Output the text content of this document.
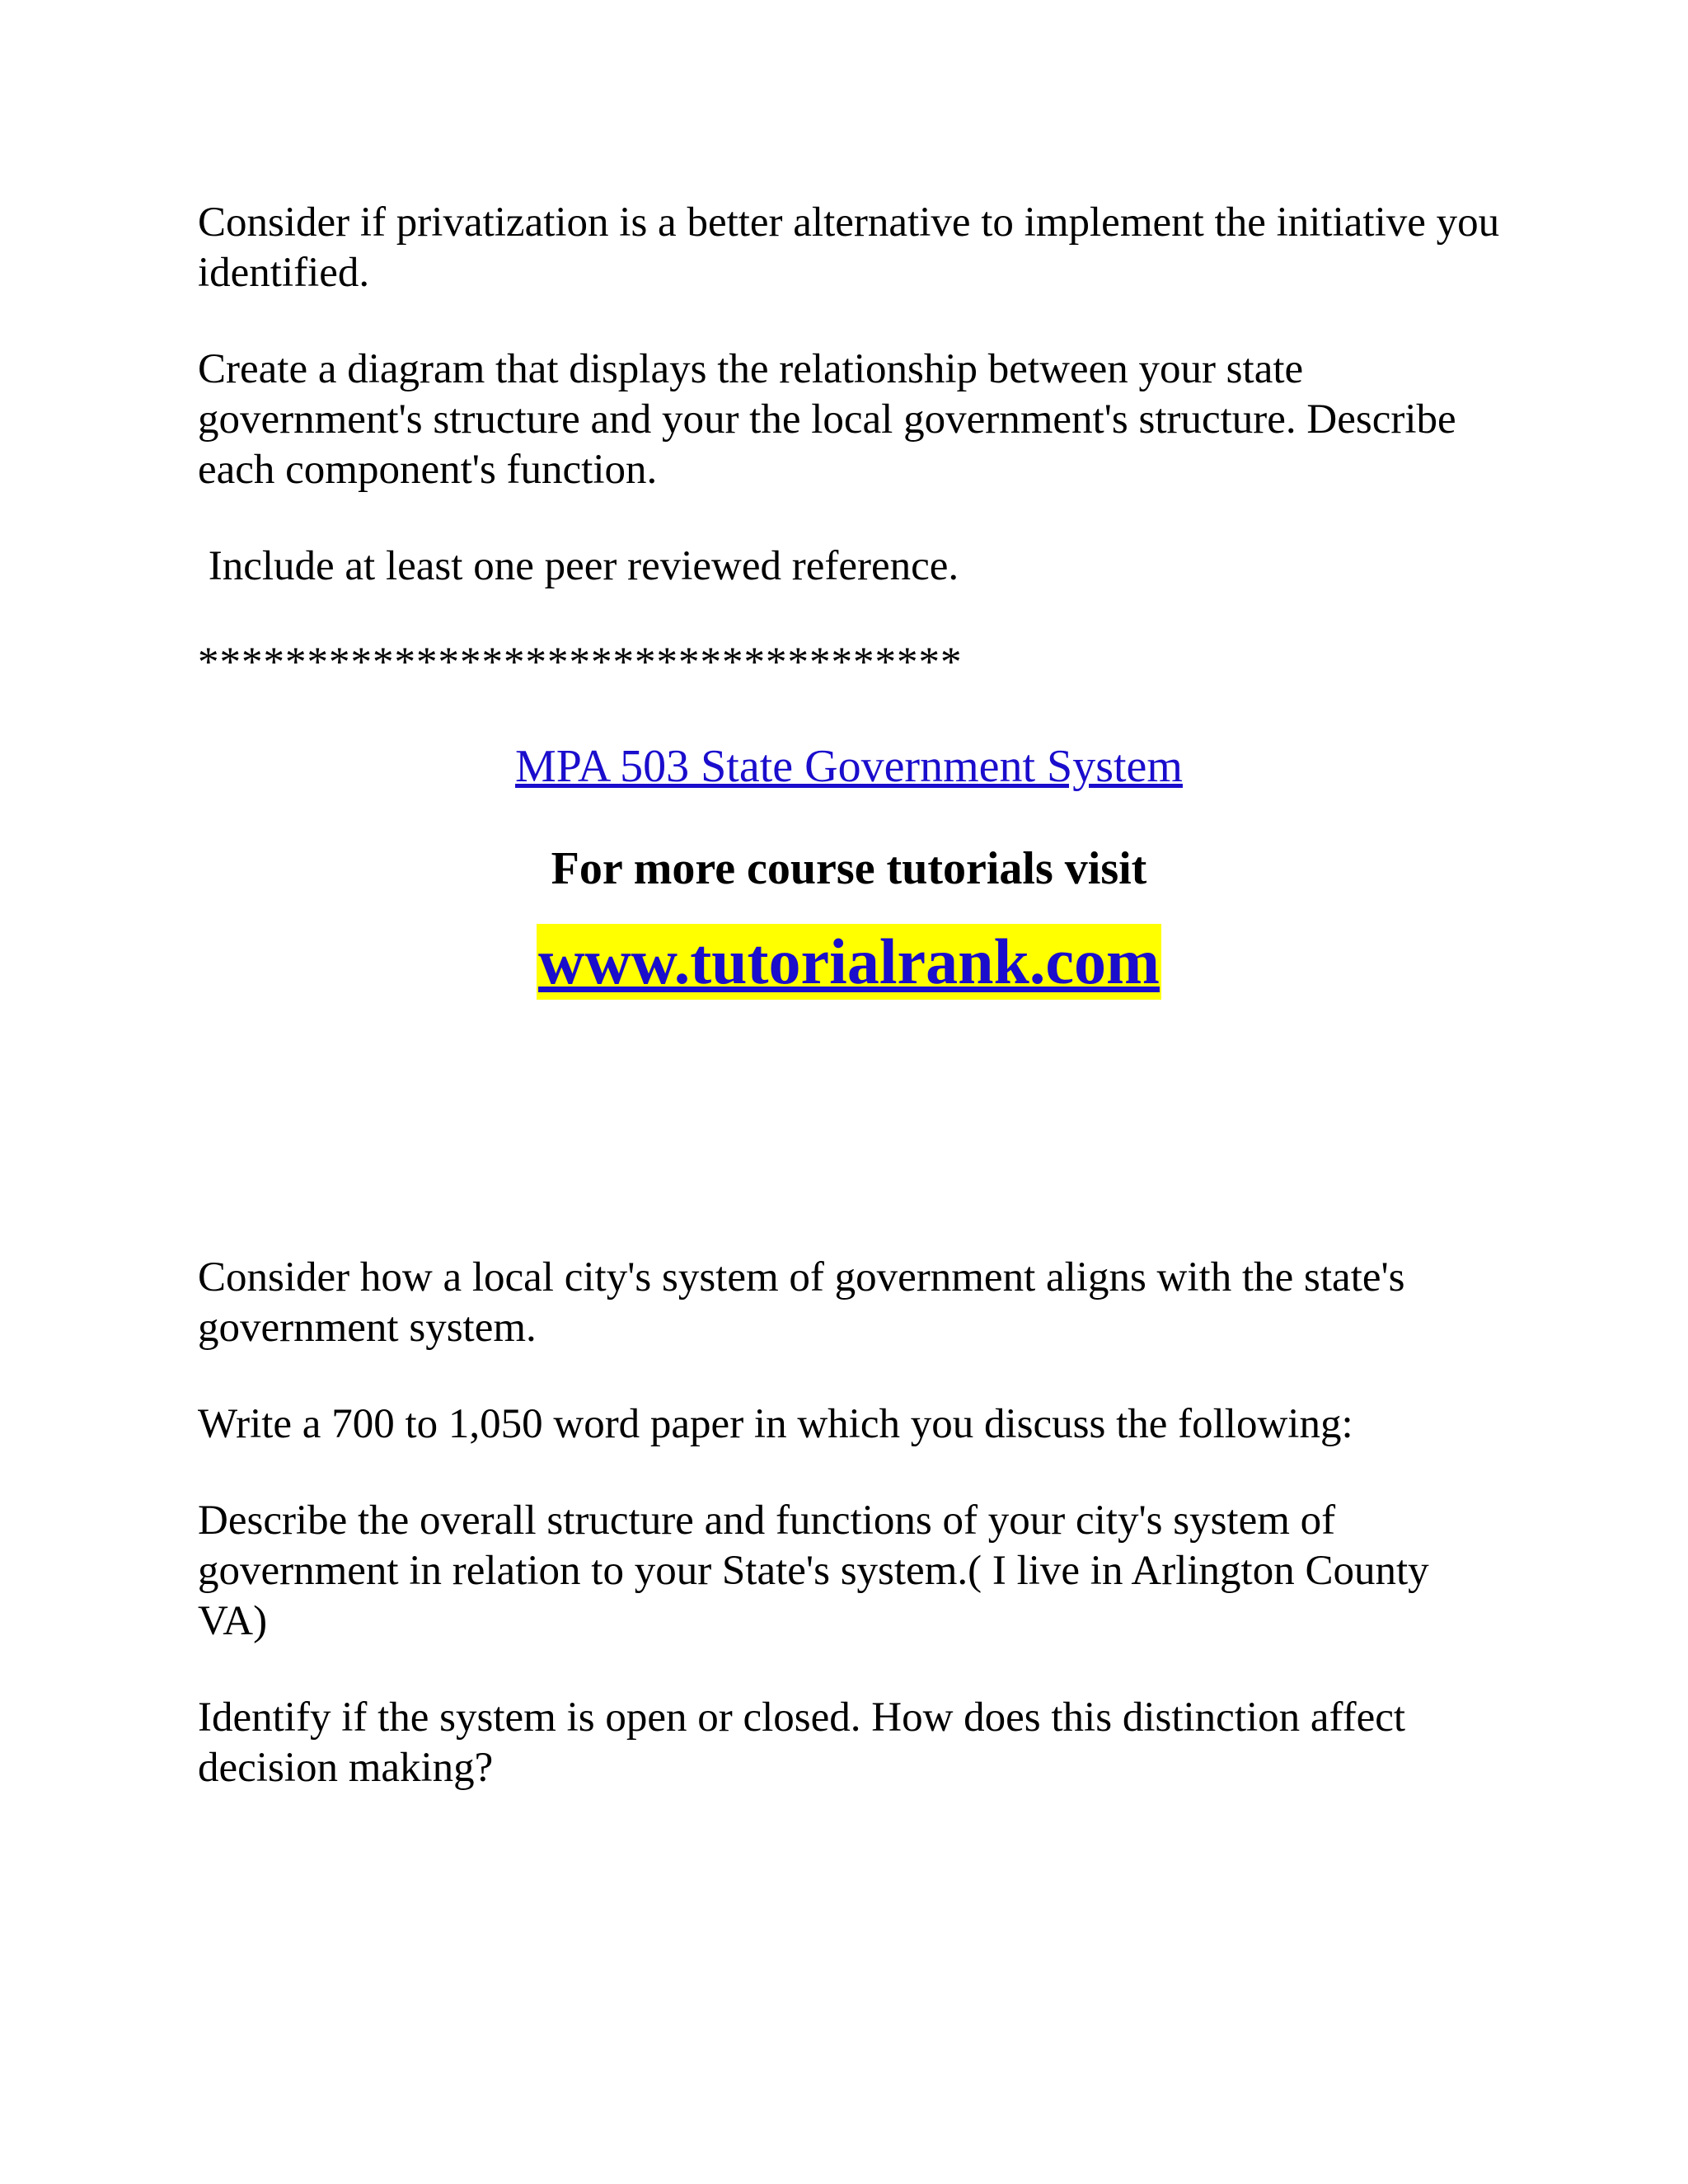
Consider if privatization is a better alternative to implement the initiative you identified.

Create a diagram that displays the relationship between your state government's structure and your the local government's structure. Describe each component's function.

Include at least one peer reviewed reference.

***********************************
MPA 503 State Government System
For more course tutorials visit
www.tutorialrank.com

Consider how a local city's system of government aligns with the state's government system.

Write a 700 to 1,050 word paper in which you discuss the following:

Describe the overall structure and functions of your city's system of government in relation to your State's system.( I live in Arlington County VA)

Identify if the system is open or closed. How does this distinction affect decision making?
